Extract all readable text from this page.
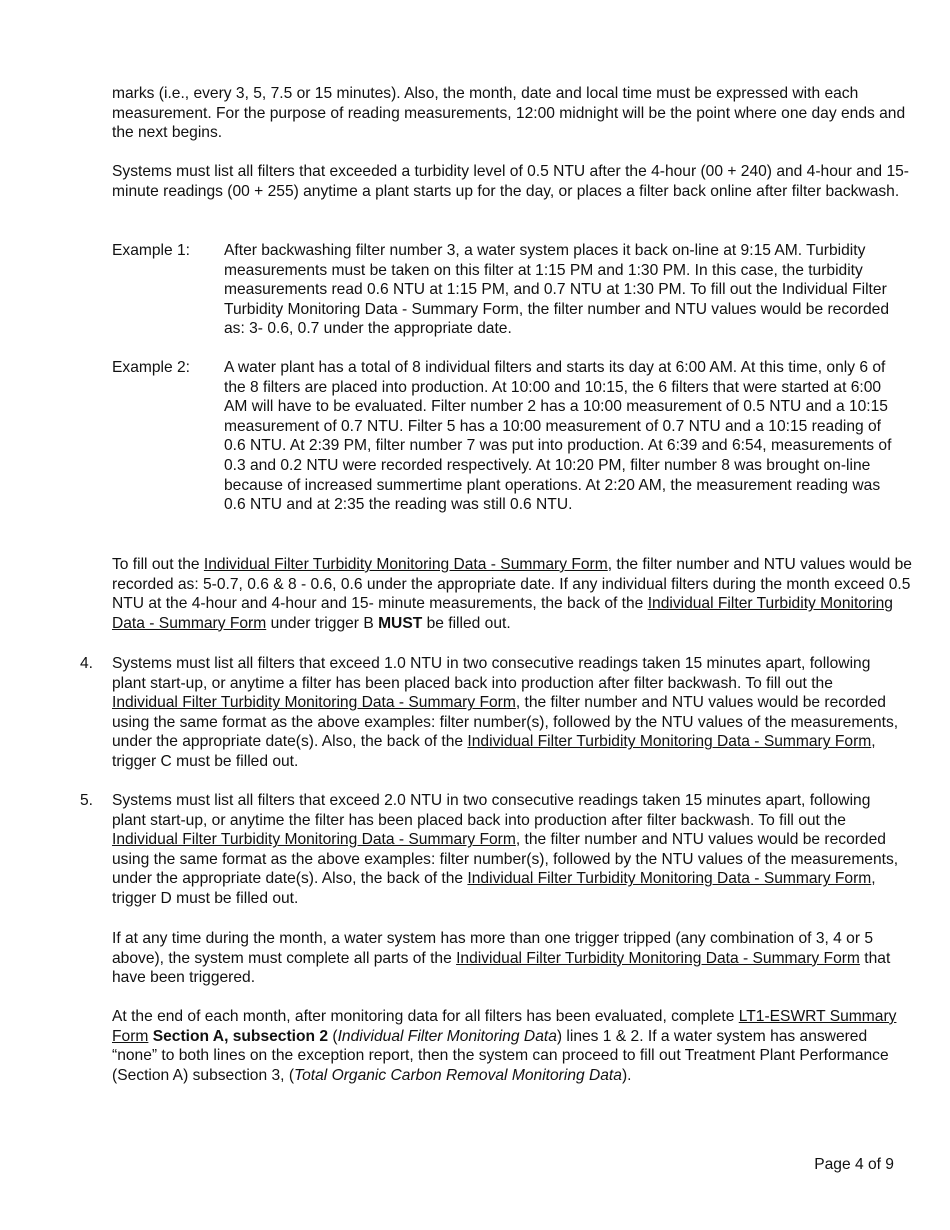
marks (i.e., every 3, 5, 7.5 or 15 minutes). Also, the month, date and local time must be expressed with each measurement. For the purpose of reading measurements, 12:00 midnight will be the point where one day ends and the next begins.

Systems must list all filters that exceeded a turbidity level of 0.5 NTU after the 4-hour (00 + 240) and 4-hour and 15-minute readings (00 + 255) anytime a plant starts up for the day, or places a filter back online after filter backwash.

Example 1: After backwashing filter number 3, a water system places it back on-line at 9:15 AM. Turbidity measurements must be taken on this filter at 1:15 PM and 1:30 PM. In this case, the turbidity measurements read 0.6 NTU at 1:15 PM, and 0.7 NTU at 1:30 PM. To fill out the Individual Filter Turbidity Monitoring Data - Summary Form, the filter number and NTU values would be recorded as: 3- 0.6, 0.7 under the appropriate date.
Example 2: A water plant has a total of 8 individual filters and starts its day at 6:00 AM. At this time, only 6 of the 8 filters are placed into production. At 10:00 and 10:15, the 6 filters that were started at 6:00 AM will have to be evaluated. Filter number 2 has a 10:00 measurement of 0.5 NTU and a 10:15 measurement of 0.7 NTU. Filter 5 has a 10:00 measurement of 0.7 NTU and a 10:15 reading of 0.6 NTU. At 2:39 PM, filter number 7 was put into production. At 6:39 and 6:54, measurements of 0.3 and 0.2 NTU were recorded respectively. At 10:20 PM, filter number 8 was brought on-line because of increased summertime plant operations. At 2:20 AM, the measurement reading was 0.6 NTU and at 2:35 the reading was still 0.6 NTU.

To fill out the Individual Filter Turbidity Monitoring Data - Summary Form, the filter number and NTU values would be recorded as: 5-0.7, 0.6 & 8 - 0.6, 0.6 under the appropriate date. If any individual filters during the month exceed 0.5 NTU at the 4-hour and 4-hour and 15- minute measurements, the back of the Individual Filter Turbidity Monitoring Data - Summary Form under trigger B MUST be filled out.

4. Systems must list all filters that exceed 1.0 NTU in two consecutive readings taken 15 minutes apart, following plant start-up, or anytime a filter has been placed back into production after filter backwash. To fill out the Individual Filter Turbidity Monitoring Data - Summary Form, the filter number and NTU values would be recorded using the same format as the above examples: filter number(s), followed by the NTU values of the measurements, under the appropriate date(s). Also, the back of the Individual Filter Turbidity Monitoring Data - Summary Form, trigger C must be filled out.
5. Systems must list all filters that exceed 2.0 NTU in two consecutive readings taken 15 minutes apart, following plant start-up, or anytime the filter has been placed back into production after filter backwash. To fill out the Individual Filter Turbidity Monitoring Data - Summary Form, the filter number and NTU values would be recorded using the same format as the above examples: filter number(s), followed by the NTU values of the measurements, under the appropriate date(s). Also, the back of the Individual Filter Turbidity Monitoring Data - Summary Form, trigger D must be filled out.

If at any time during the month, a water system has more than one trigger tripped (any combination of 3, 4 or 5 above), the system must complete all parts of the Individual Filter Turbidity Monitoring Data - Summary Form that have been triggered.

At the end of each month, after monitoring data for all filters has been evaluated, complete LT1-ESWRT Summary Form Section A, subsection 2 (Individual Filter Monitoring Data) lines 1 & 2. If a water system has answered “none” to both lines on the exception report, then the system can proceed to fill out Treatment Plant Performance (Section A) subsection 3, (Total Organic Carbon Removal Monitoring Data).

Page 4 of 9
